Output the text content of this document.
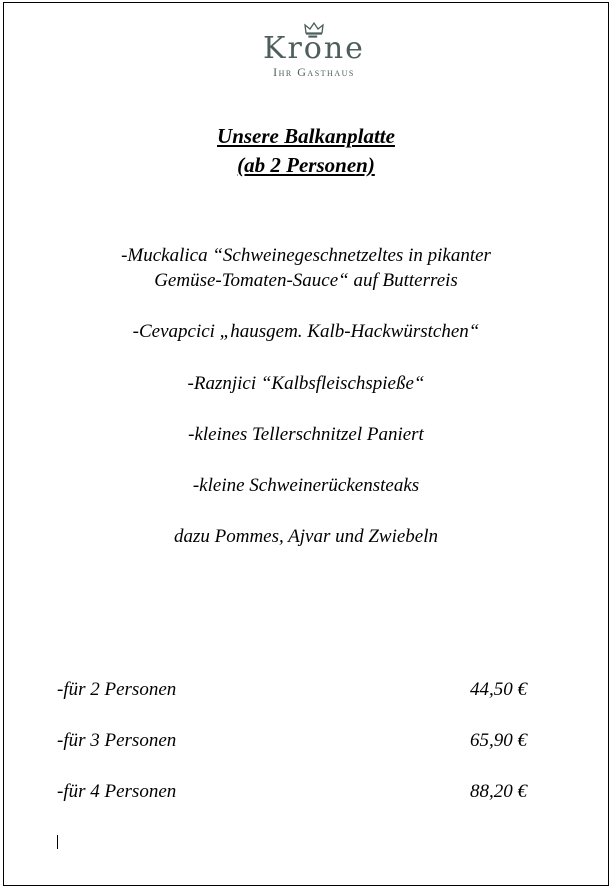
Krōne
Ihr Gasthaus
Unsere Balkanplatte
(ab 2 Personen)
-Muckalica “Schweinegeschnetzeltes in pikanter
Gemüse-Tomaten-Sauce“ auf Butterreis
-Cevapcici „hausgem. Kalb-Hackwürstchen“
-Raznjici “Kalbsfleischspieße“
-kleines Tellerschnitzel Paniert
-kleine Schweinerückensteaks
dazu Pommes, Ajvar und Zwiebeln
-für 2 Personen	44,50 €
-für 3 Personen	65,90 €
-für 4 Personen	88,20 €
